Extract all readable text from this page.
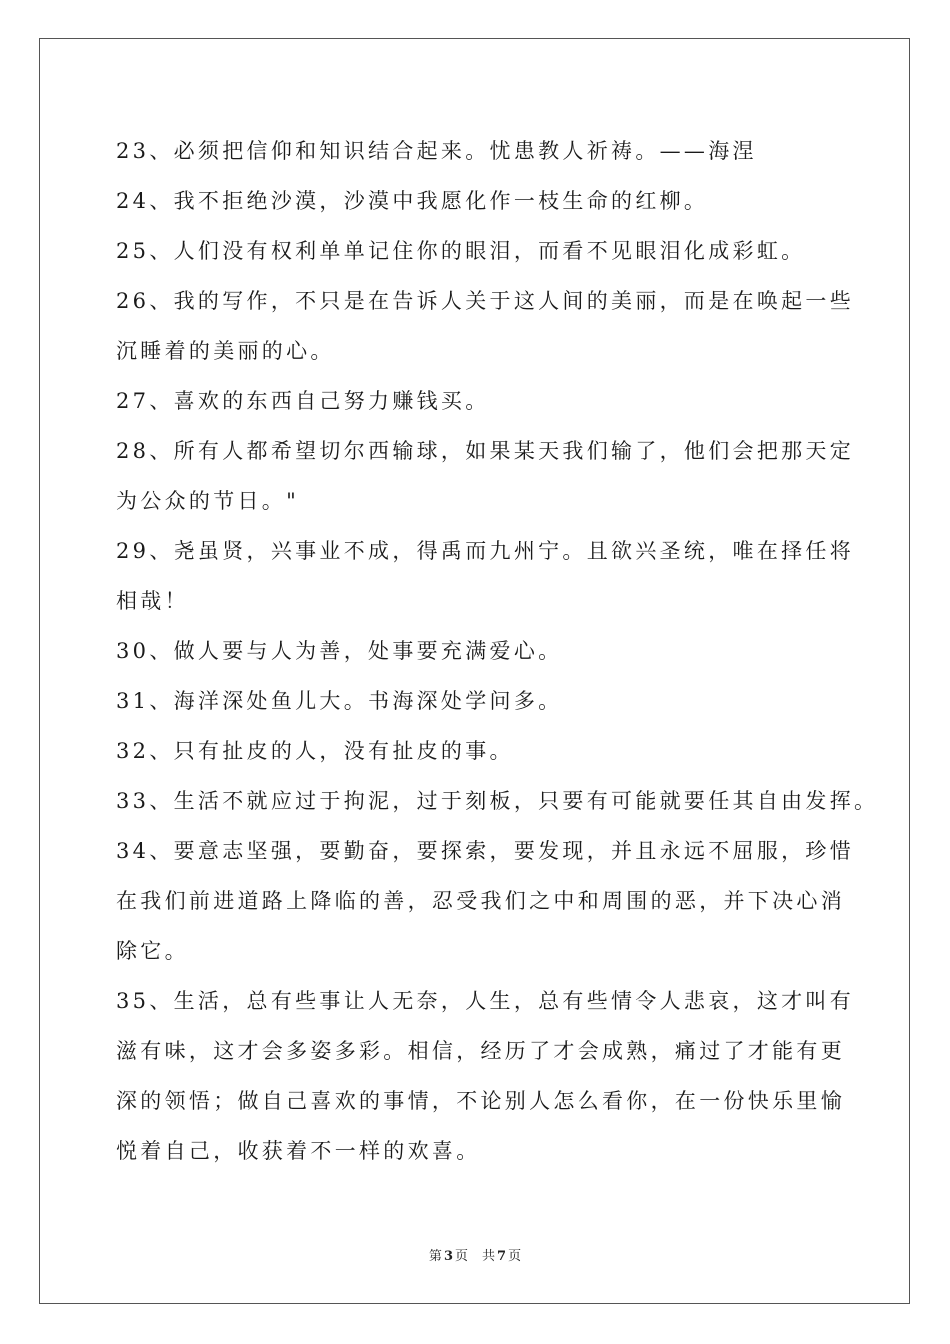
23、必须把信仰和知识结合起来。忧患教人祈祷。——海涅
24、我不拒绝沙漠，沙漠中我愿化作一枝生命的红柳。
25、人们没有权利单单记住你的眼泪，而看不见眼泪化成彩虹。
26、我的写作，不只是在告诉人关于这人间的美丽，而是在唤起一些
沉睡着的美丽的心。
27、喜欢的东西自己努力赚钱买。
28、所有人都希望切尔西输球，如果某天我们输了，他们会把那天定
为公众的节日。"
29、尧虽贤，兴事业不成，得禹而九州宁。且欲兴圣统，唯在择任将
相哉！
30、做人要与人为善，处事要充满爱心。
31、海洋深处鱼儿大。书海深处学问多。
32、只有扯皮的人，没有扯皮的事。
33、生活不就应过于拘泥，过于刻板，只要有可能就要任其自由发挥。
34、要意志坚强，要勤奋，要探索，要发现，并且永远不屈服，珍惜
在我们前进道路上降临的善，忍受我们之中和周围的恶，并下决心消
除它。
35、生活，总有些事让人无奈，人生，总有些情令人悲哀，这才叫有
滋有味，这才会多姿多彩。相信，经历了才会成熟，痛过了才能有更
深的领悟；做自己喜欢的事情，不论别人怎么看你，在一份快乐里愉
悦着自己，收获着不一样的欢喜。
第 3 页 共 7 页
